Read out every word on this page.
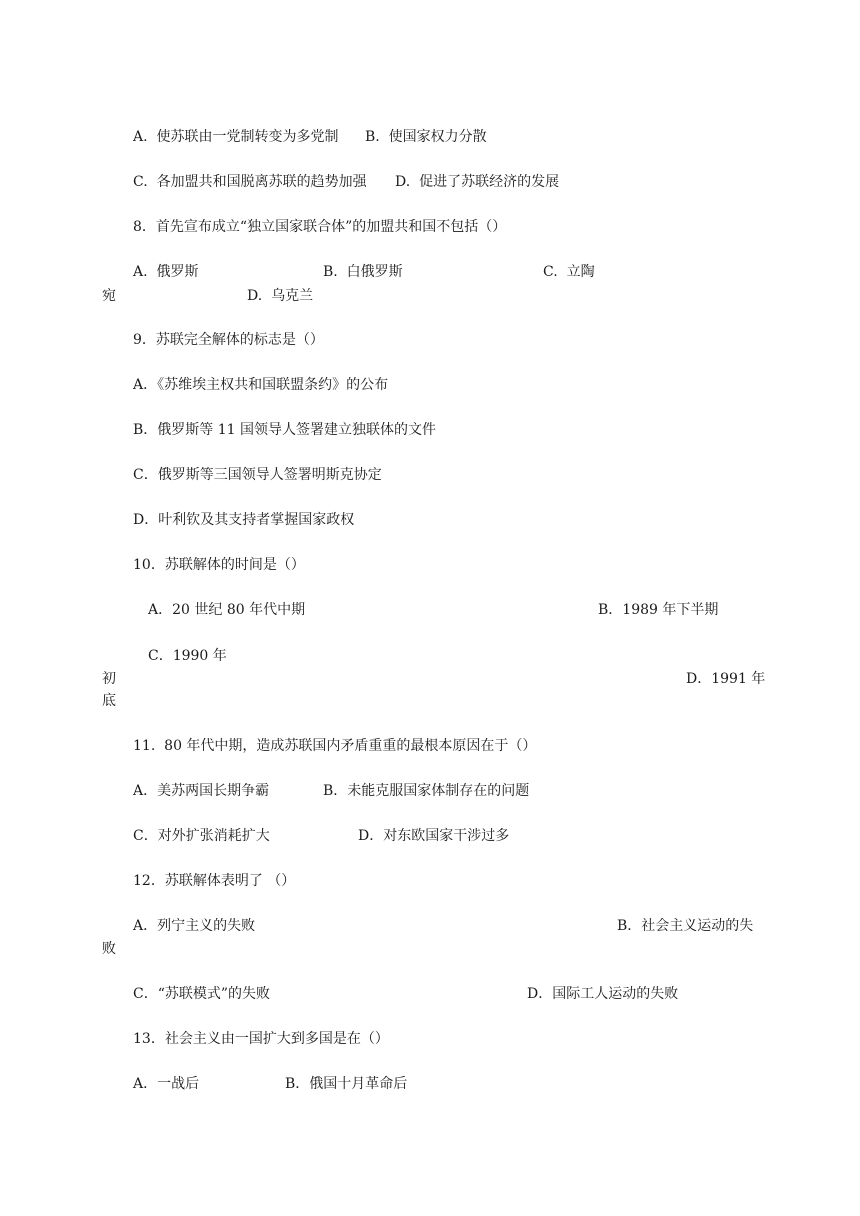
A.  使苏联由一党制转变为多党制 B.  使国家权力分散
C.  各加盟共和国脱离苏联的趋势加强 D.  促进了苏联经济的发展
8．首先宣布成立“独立国家联合体”的加盟共和国不包括（）
A.  俄罗斯	B.  白俄罗斯	C.  立陶
宛	D.  乌克兰
9．苏联完全解体的标志是（）
A．《苏维埃主权共和国联盟条约》的公布
B．俄罗斯等 11 国领导人签署建立独联体的文件
C．俄罗斯等三国领导人签署明斯克协定
D．叶利钦及其支持者掌握国家政权
10．苏联解体的时间是（）
A．20 世纪 80 年代中期	B．1989 年下半期
C．1990 年
初	D．1991 年
底
11.  80 年代中期，造成苏联国内矛盾重重的最根本原因在于（）
A．美苏两国长期争霸	B．未能克服国家体制存在的问题
C．对外扩张消耗扩大	D．对东欧国家干涉过多
12．苏联解体表明了 （）
A．列宁主义的失败	B．社会主义运动的失
败
C．“苏联模式”的失败	D．国际工人运动的失败
13．社会主义由一国扩大到多国是在（）
A．一战后	B．俄国十月革命后
